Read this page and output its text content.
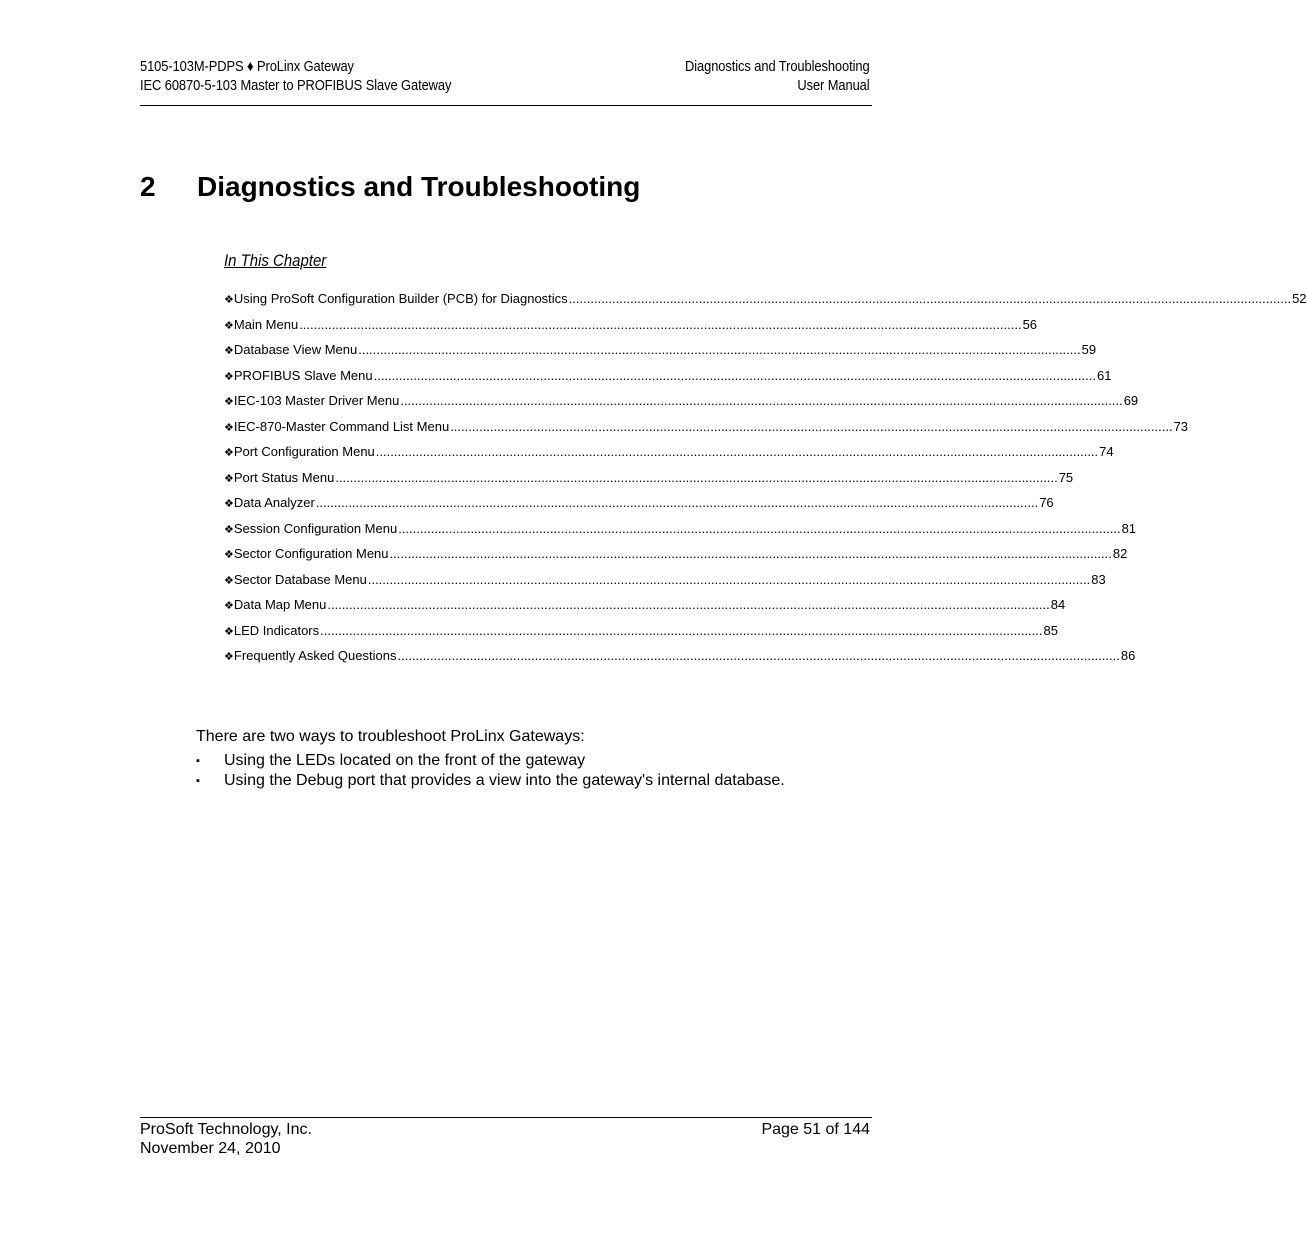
5105-103M-PDPS ♦ ProLinx Gateway
IEC 60870-5-103 Master to PROFIBUS Slave Gateway
Diagnostics and Troubleshooting
User Manual
2 Diagnostics and Troubleshooting
In This Chapter
❖ Using ProSoft Configuration Builder (PCB) for Diagnostics ........................................................................................................................................................................................................ 52
❖ Main Menu ........................................................................................................................................................................................................ 56
❖ Database View Menu ........................................................................................................................................................................................................ 59
❖ PROFIBUS Slave Menu ........................................................................................................................................................................................................ 61
❖ IEC-103 Master Driver Menu ........................................................................................................................................................................................................ 69
❖ IEC-870-Master Command List Menu ........................................................................................................................................................................................................ 73
❖ Port Configuration Menu ........................................................................................................................................................................................................ 74
❖ Port Status Menu ........................................................................................................................................................................................................ 75
❖ Data Analyzer ........................................................................................................................................................................................................ 76
❖ Session Configuration Menu ........................................................................................................................................................................................................ 81
❖ Sector Configuration Menu ........................................................................................................................................................................................................ 82
❖ Sector Database Menu ........................................................................................................................................................................................................ 83
❖ Data Map Menu ........................................................................................................................................................................................................ 84
❖ LED Indicators ........................................................................................................................................................................................................ 85
❖ Frequently Asked Questions ........................................................................................................................................................................................................ 86
There are two ways to troubleshoot ProLinx Gateways:
▪	Using the LEDs located on the front of the gateway
▪	Using the Debug port that provides a view into the gateway's internal database.
ProSoft Technology, Inc.
November 24, 2010
Page 51 of 144
